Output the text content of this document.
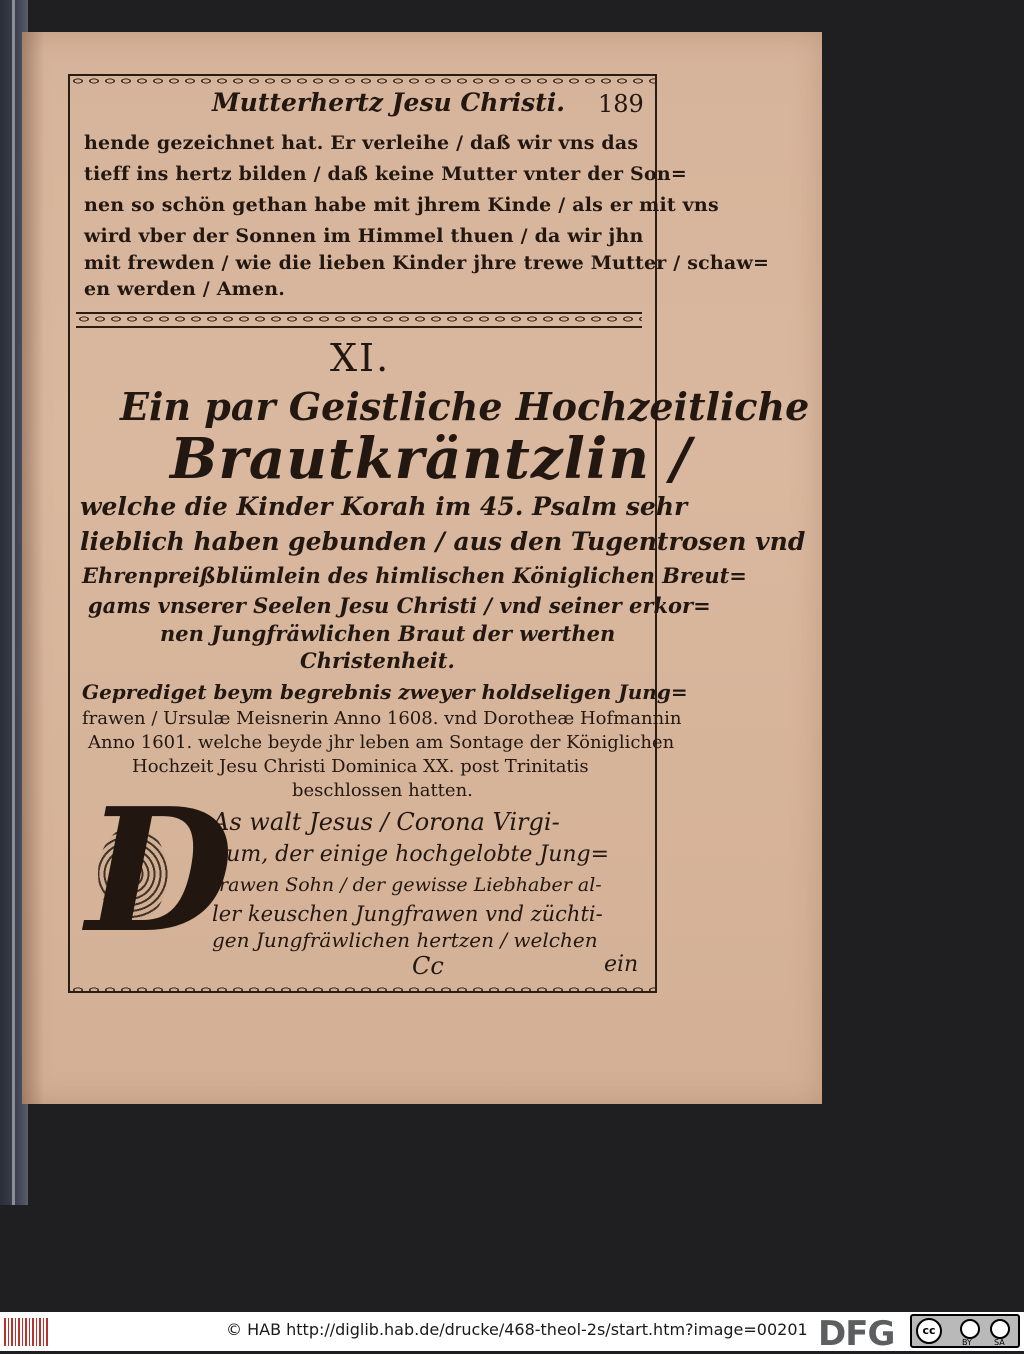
Mutterhertz Jesu Christi. 189
hende gezeichnet hat. Er verleihe / daß wir vns das
tieff ins hertz bilden / daß keine Mutter vnter der Son=
nen so schön gethan habe mit jhrem Kinde / als er mit vns
wird vber der Sonnen im Himmel thuen / da wir jhn
mit frewden / wie die lieben Kinder jhre trewe Mutter / schaw=
en werden / Amen.
XI.
Ein par Geistliche Hochzeitliche
Brautkräntzlin /
welche die Kinder Korah im 45. Psalm sehr
lieblich haben gebunden / aus den Tugentrosen vnd
Ehrenpreißblümlein des himlischen Königlichen Breut=
gams vnserer Seelen Jesu Christi / vnd seiner erkor=
nen Jungfräwlichen Braut der werthen
Christenheit.
Geprediget beym begrebnis zweyer holdseligen Jung=
frawen / Ursulæ Meisnerin Anno 1608. vnd Dorotheæ Hofmannin
Anno 1601. welche beyde jhr leben am Sontage der Königlichen
Hochzeit Jesu Christi Dominica XX. post Trinitatis
beschlossen hatten.
D
As walt Jesus / Corona Virgi-
num, der einige hochgelobte Jung=
frawen Sohn / der gewisse Liebhaber al-
ler keuschen Jungfrawen vnd züchti-
gen Jungfräwlichen hertzen / welchen
Cc	ein
© HAB http://diglib.hab.de/drucke/468-theol-2s/start.htm?image=00201 DFG	cc
BY	SA
